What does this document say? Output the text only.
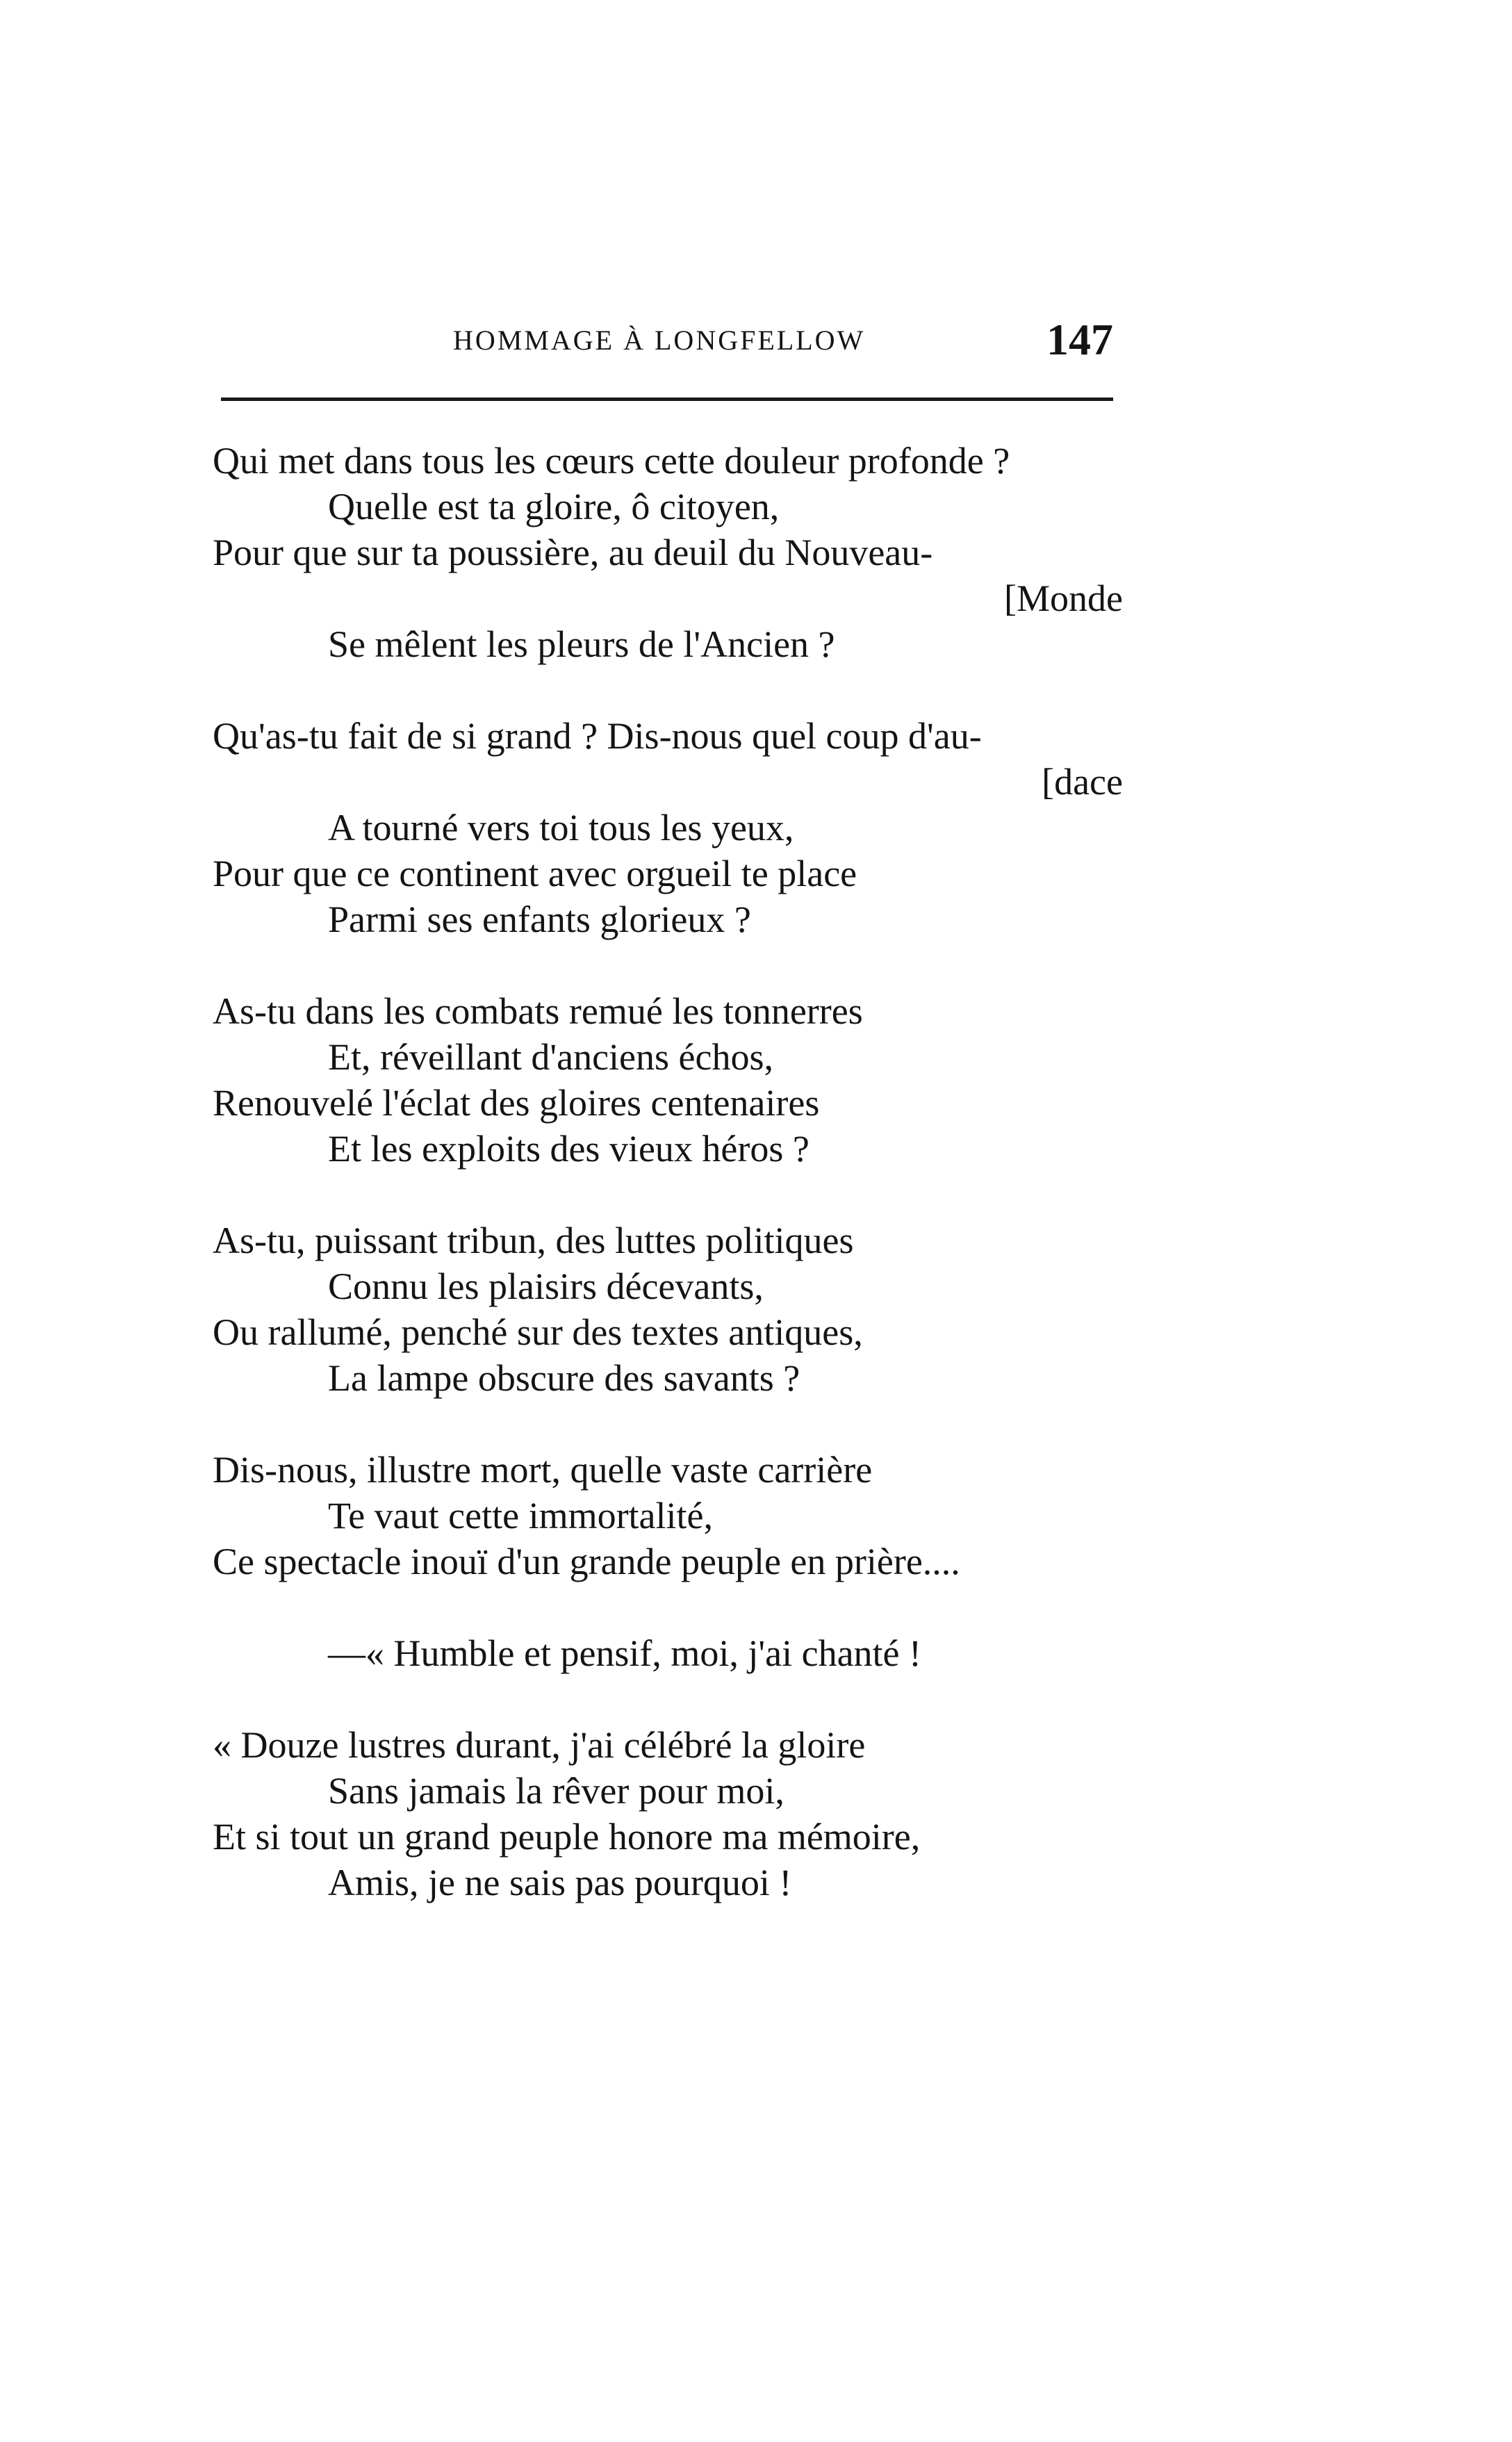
HOMMAGE À LONGFELLOW	147
Qui met dans tous les cœurs cette douleur profonde ?
Quelle est ta gloire, ô citoyen,
Pour que sur ta poussière, au deuil du Nouveau-
[Monde
Se mêlent les pleurs de l'Ancien ?
Qu'as-tu fait de si grand ? Dis-nous quel coup d'au-
[dace
A tourné vers toi tous les yeux,
Pour que ce continent avec orgueil te place
Parmi ses enfants glorieux ?
As-tu dans les combats remué les tonnerres
Et, réveillant d'anciens échos,
Renouvelé l'éclat des gloires centenaires
Et les exploits des vieux héros ?
As-tu, puissant tribun, des luttes politiques
Connu les plaisirs décevants,
Ou rallumé, penché sur des textes antiques,
La lampe obscure des savants ?
Dis-nous, illustre mort, quelle vaste carrière
Te vaut cette immortalité,
Ce spectacle inouï d'un grande peuple en prière....
—« Humble et pensif, moi, j'ai chanté !
« Douze lustres durant, j'ai célébré la gloire
Sans jamais la rêver pour moi,
Et si tout un grand peuple honore ma mémoire,
Amis, je ne sais pas pourquoi !
